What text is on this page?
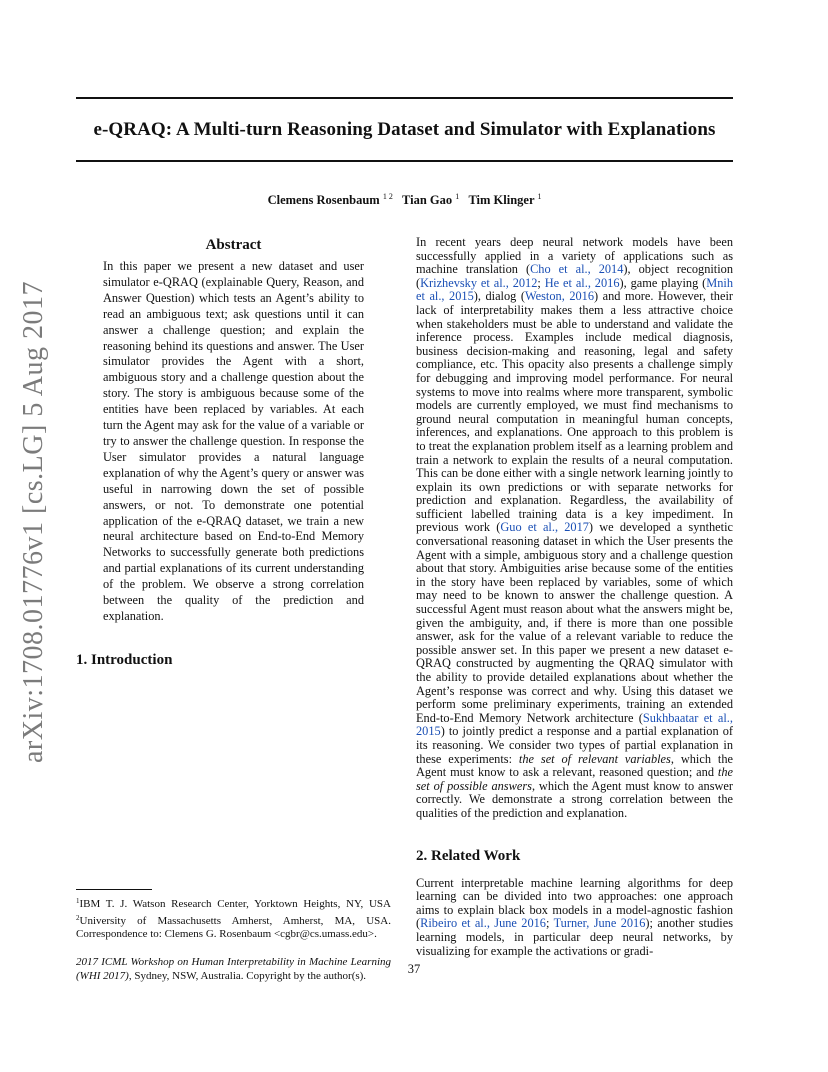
e-QRAQ: A Multi-turn Reasoning Dataset and Simulator with Explanations
Clemens Rosenbaum $^{1 2}$ Tian Gao $^1$ Tim Klinger $^1$
arXiv:1708.01776v1 [cs.LG] 5 Aug 2017
Abstract

In this paper we present a new dataset and user simulator e-QRAQ (explainable Query, Reason, and Answer Question) which tests an Agent’s ability to read an ambiguous text; ask questions until it can answer a challenge question; and explain the reasoning behind its questions and answer. The User simulator provides the Agent with a short, ambiguous story and a challenge question about the story. The story is ambiguous because some of the entities have been replaced by variables. At each turn the Agent may ask for the value of a variable or try to answer the challenge question. In response the User simulator provides a natural language explanation of why the Agent’s query or answer was useful in narrowing down the set of possible answers, or not. To demonstrate one potential application of the e-QRAQ dataset, we train a new neural architecture based on End-to-End Memory Networks to successfully generate both predictions and partial explanations of its current understanding of the problem. We observe a strong correlation between the quality of the prediction and explanation.

1. Introduction

$^1$IBM T. J. Watson Research Center, Yorktown Heights, NY, USA $^2$University of Massachusetts Amherst, Amherst, MA, USA. Correspondence to: Clemens G. Rosenbaum <cgbr@cs.umass.edu>.
2017 ICML Workshop on Human Interpretability in Machine Learning (WHI 2017), Sydney, NSW, Australia. Copyright by the author(s).

In recent years deep neural network models have been successfully applied in a variety of applications such as machine translation (Cho et al., 2014), object recognition (Krizhevsky et al., 2012; He et al., 2016), game playing (Mnih et al., 2015), dialog (Weston, 2016) and more. However, their lack of interpretability makes them a less attractive choice when stakeholders must be able to understand and validate the inference process. Examples include medical diagnosis, business decision-making and reasoning, legal and safety compliance, etc. This opacity also presents a challenge simply for debugging and improving model performance. For neural systems to move into realms where more transparent, symbolic models are currently employed, we must find mechanisms to ground neural computation in meaningful human concepts, inferences, and explanations. One approach to this problem is to treat the explanation problem itself as a learning problem and train a network to explain the results of a neural computation. This can be done either with a single network learning jointly to explain its own predictions or with separate networks for prediction and explanation. Regardless, the availability of sufficient labelled training data is a key impediment. In previous work (Guo et al., 2017) we developed a synthetic conversational reasoning dataset in which the User presents the Agent with a simple, ambiguous story and a challenge question about that story. Ambiguities arise because some of the entities in the story have been replaced by variables, some of which may need to be known to answer the challenge question. A successful Agent must reason about what the answers might be, given the ambiguity, and, if there is more than one possible answer, ask for the value of a relevant variable to reduce the possible answer set. In this paper we present a new dataset e-QRAQ constructed by augmenting the QRAQ simulator with the ability to provide detailed explanations about whether the Agent’s response was correct and why. Using this dataset we perform some preliminary experiments, training an extended End-to-End Memory Network architecture (Sukhbaatar et al., 2015) to jointly predict a response and a partial explanation of its reasoning. We consider two types of partial explanation in these experiments: the set of relevant variables, which the Agent must know to ask a relevant, reasoned question; and the set of possible answers, which the Agent must know to answer correctly. We demonstrate a strong correlation between the qualities of the prediction and explanation.

2. Related Work

Current interpretable machine learning algorithms for deep learning can be divided into two approaches: one approach aims to explain black box models in a model-agnostic fashion (Ribeiro et al., June 2016; Turner, June 2016); another studies learning models, in particular deep neural networks, by visualizing for example the activations or gradi-

37
